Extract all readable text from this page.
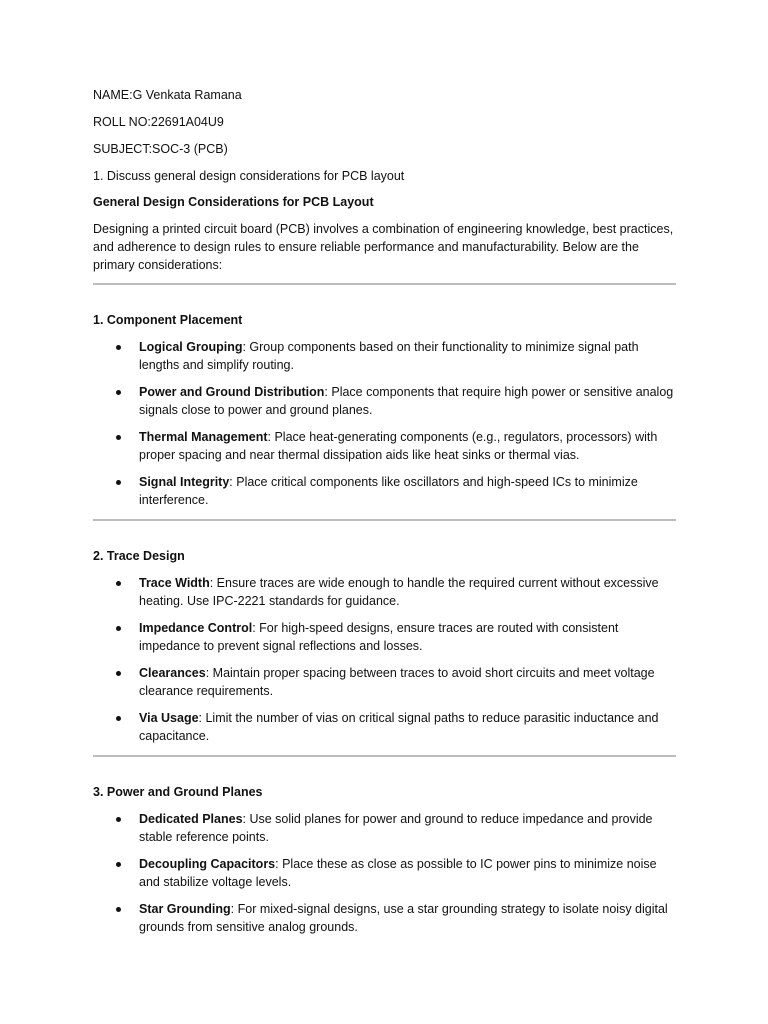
NAME:G Venkata Ramana

ROLL NO:22691A04U9

SUBJECT:SOC-3 (PCB)

1. Discuss general design considerations for PCB layout

General Design Considerations for PCB Layout

Designing a printed circuit board (PCB) involves a combination of engineering knowledge, best practices, and adherence to design rules to ensure reliable performance and manufacturability. Below are the primary considerations:

1. Component Placement

Logical Grouping: Group components based on their functionality to minimize signal path lengths and simplify routing.
Power and Ground Distribution: Place components that require high power or sensitive analog signals close to power and ground planes.
Thermal Management: Place heat-generating components (e.g., regulators, processors) with proper spacing and near thermal dissipation aids like heat sinks or thermal vias.
Signal Integrity: Place critical components like oscillators and high-speed ICs to minimize interference.

2. Trace Design

Trace Width: Ensure traces are wide enough to handle the required current without excessive heating. Use IPC-2221 standards for guidance.
Impedance Control: For high-speed designs, ensure traces are routed with consistent impedance to prevent signal reflections and losses.
Clearances: Maintain proper spacing between traces to avoid short circuits and meet voltage clearance requirements.
Via Usage: Limit the number of vias on critical signal paths to reduce parasitic inductance and capacitance.

3. Power and Ground Planes

Dedicated Planes: Use solid planes for power and ground to reduce impedance and provide stable reference points.
Decoupling Capacitors: Place these as close as possible to IC power pins to minimize noise and stabilize voltage levels.
Star Grounding: For mixed-signal designs, use a star grounding strategy to isolate noisy digital grounds from sensitive analog grounds.
